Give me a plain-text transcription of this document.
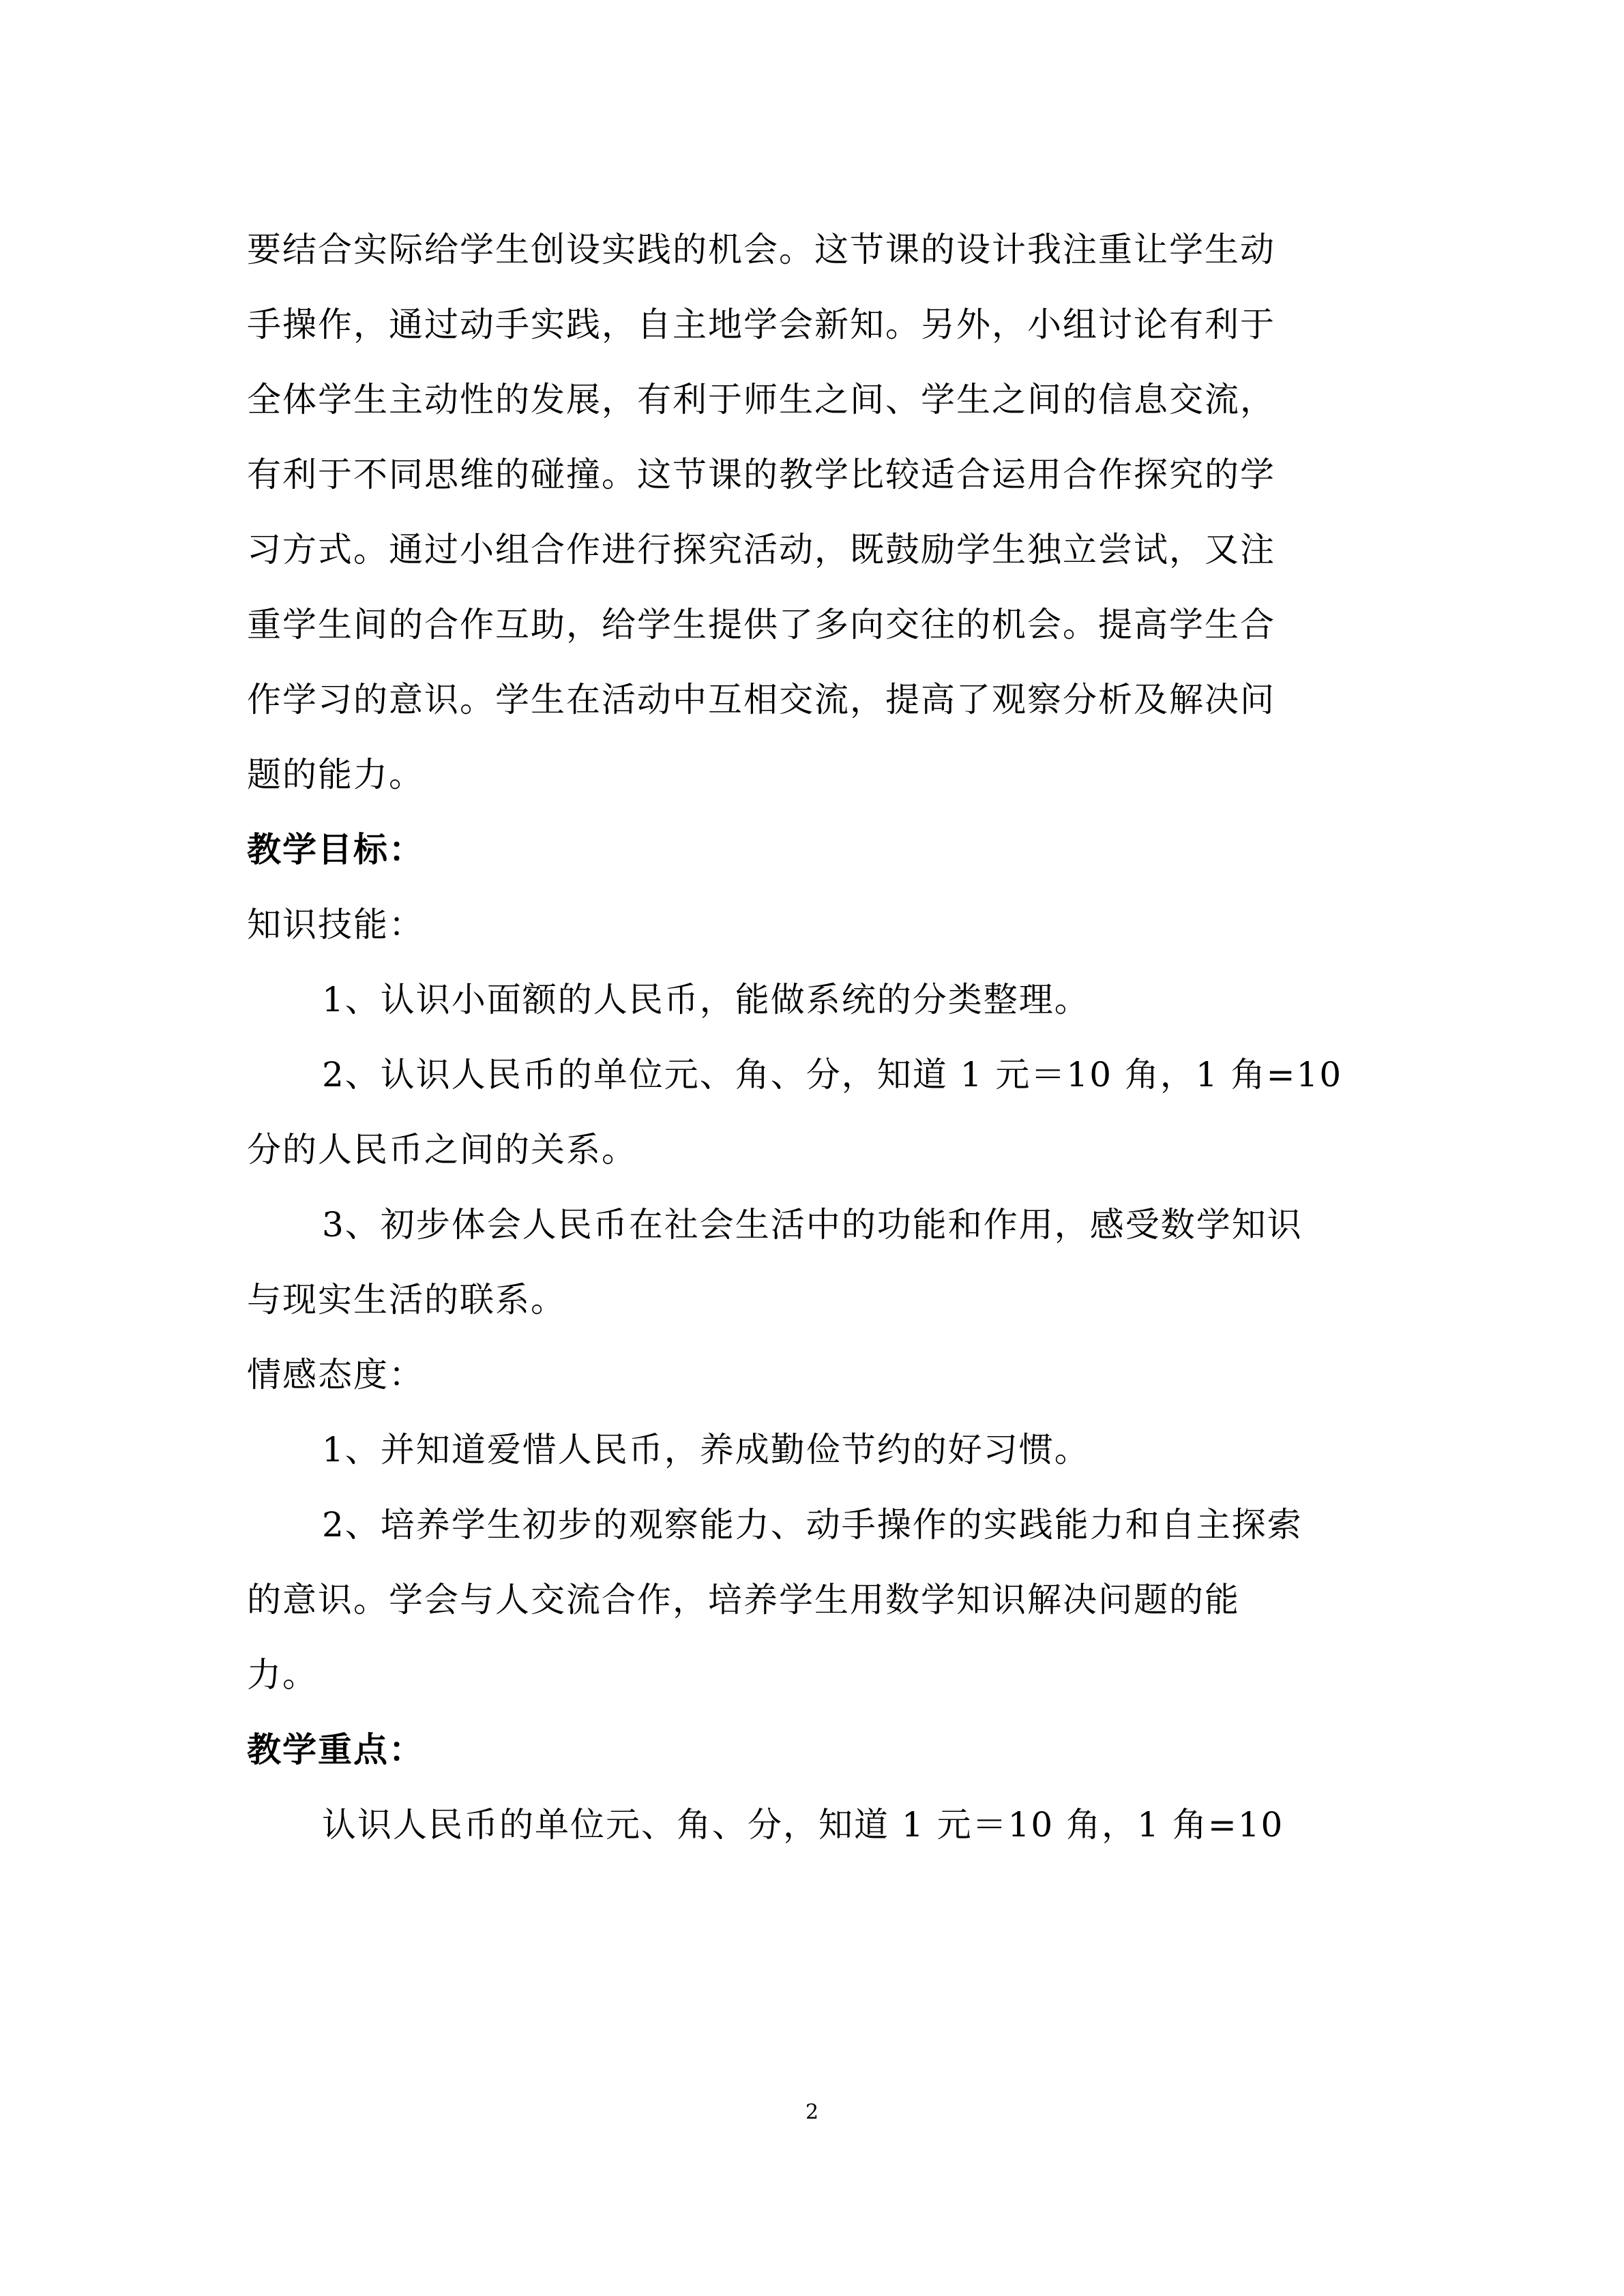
要结合实际给学生创设实践的机会。这节课的设计我注重让学生动
手操作，通过动手实践，自主地学会新知。另外，小组讨论有利于
全体学生主动性的发展，有利于师生之间、学生之间的信息交流，
有利于不同思维的碰撞。这节课的教学比较适合运用合作探究的学
习方式。通过小组合作进行探究活动，既鼓励学生独立尝试，又注
重学生间的合作互助，给学生提供了多向交往的机会。提高学生合
作学习的意识。学生在活动中互相交流，提高了观察分析及解决问
题的能力。
教学目标：
知识技能：
1、认识小面额的人民币，能做系统的分类整理。
2、认识人民币的单位元、角、分，知道 1 元＝10 角，1 角=10
分的人民币之间的关系。
3、初步体会人民币在社会生活中的功能和作用，感受数学知识
与现实生活的联系。
情感态度：
1、并知道爱惜人民币，养成勤俭节约的好习惯。
2、培养学生初步的观察能力、动手操作的实践能力和自主探索
的意识。学会与人交流合作，培养学生用数学知识解决问题的能
力。
教学重点：
认识人民币的单位元、角、分，知道 1 元＝10 角，1 角=10
2
